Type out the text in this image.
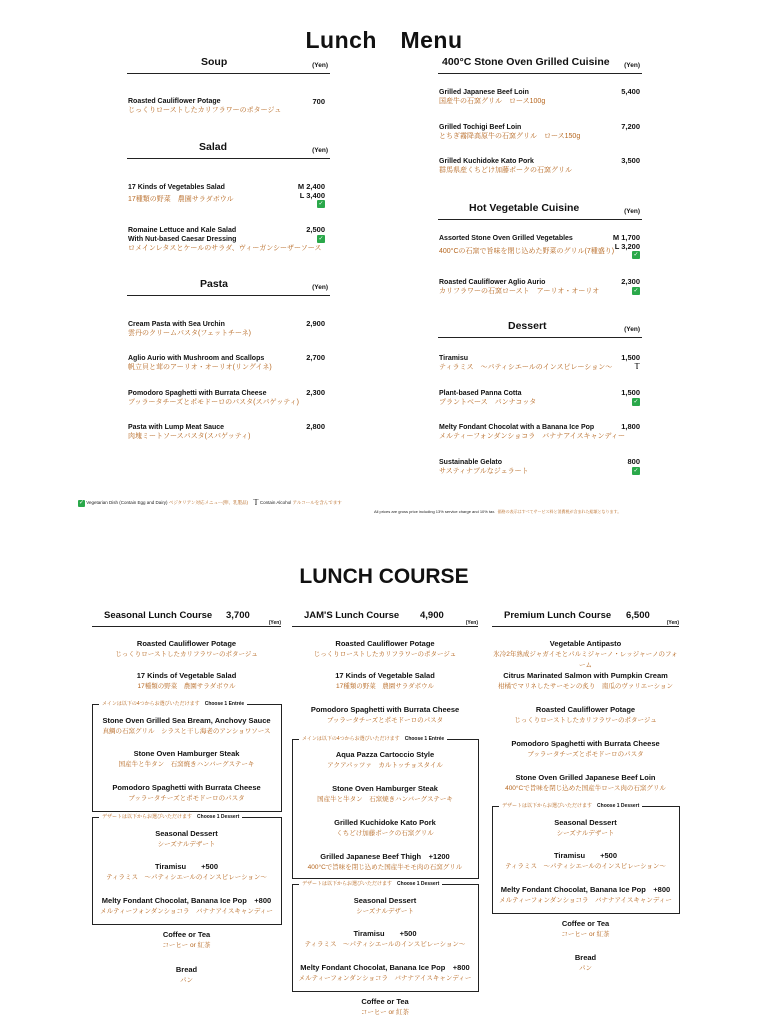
Lunch　Menu
Soup	(Yen)
Roasted Cauliflower Potage
じっくりローストしたカリフラワーのポタージュ
700
Salad	(Yen)
17 Kinds of Vegetables Salad
17種類の野菜　農園サラダボウル
M 2,400
L 3,400
✓
Romaine Lettuce and Kale Salad
With Nut-based Caesar Dressing
ロメインレタスとケールのサラダ、ヴィーガンシーザーソース
2,500
✓
Pasta	(Yen)
Cream Pasta with Sea Urchin
雲丹のクリームパスタ(フェットチーネ)
2,900
Aglio Aurio with Mushroom and Scallops
帆立貝と茸のアーリオ・オーリオ(リングイネ)
2,700
Pomodoro Spaghetti with Burrata Cheese
ブッラータチーズとポモドーロのパスタ(スパゲッティ)
2,300
Pasta with Lump Meat Sauce
肉塊ミートソースパスタ(スパゲッティ)
2,800
400°C Stone Oven Grilled Cuisine (Yen)
Grilled Japanese Beef Loin
国産牛の石窯グリル　ロース100g
5,400
Grilled Tochigi Beef Loin
とちぎ霧降高原牛の石窯グリル　ロース150g
7,200
Grilled Kuchidoke Kato Pork
群馬県産くちどけ加藤ポークの石窯グリル
3,500
Hot Vegetable Cuisine	(Yen)
Assorted Stone Oven Grilled Vegetables
400°Cの石窯で旨味を閉じ込めた野菜のグリル(7種盛り)
M 1,700
L 3,200
✓
Roasted Cauliflower Aglio Aurio
カリフラワーの石窯ロースト　アーリオ・オーリオ
2,300
✓
Dessert	(Yen)
Tiramisu
ティラミス　～パティシエールのインスピレーション～
1,500
𝕋
Plant-based Panna Cotta
プラントベース　パンナコッタ
1,500
✓
Melty Fondant Chocolat with a Banana Ice Pop
メルティーフォンダンショコラ　バナナアイスキャンディー
1,800
Sustainable Gelato
サスティナブルなジェラート
800
✓
✓ Vegetarian Dish (Contain Egg and Dairy) ベジタリアン対応メニュー(卵、乳製品) 𝕋 Contain Alcohol アルコールを含んでます
All prices are gross price including 13% service charge and 10% tax. 価格の表示はすべてサービス料と消費税が含まれた総額となります。
LUNCH COURSE
Seasonal Lunch Course 3,700
(Yen)
Roasted Cauliflower Potage
じっくりローストしたカリフラワーのポタージュ
17 Kinds of Vegetable Salad
17種類の野菜　農園サラダボウル
メインは以下の4つからお選びいただけます　 Choose 1 Entrée
Stone Oven Grilled Sea Bream, Anchovy Sauce
真鯛の石窯グリル　シラスと干し海老のアンショワソース
Stone Oven Hamburger Steak
国産牛と牛タン　石窯焼きハンバーグステーキ
Pomodoro Spaghetti with Burrata Cheese
ブッラータチーズとポモドーロのパスタ
デザートは以下からお選びいただけます　 Choose 1 Dessert
Seasonal Dessert
シーズナルデザート
Tiramisu　　+500
ティラミス　～パティシエールのインスピレーション～
Melty Fondant Chocolat, Banana Ice Pop　+800
メルティーフォンダンショコラ　バナナアイスキャンディー
Coffee or Tea
コーヒー or 紅茶
Bread
パン
JAM'S Lunch Course 4,900
(Yen)
Roasted Cauliflower Potage
じっくりローストしたカリフラワーのポタージュ
17 Kinds of Vegetable Salad
17種類の野菜　農園サラダボウル
Pomodoro Spaghetti with Burrata Cheese
ブッラータチーズとポモドーロのパスタ
メインは以下の4つからお選びいただけます　 Choose 1 Entrée
Aqua Pazza Cartoccio Style
アクアパッツァ　カルトッチョスタイル
Stone Oven Hamburger Steak
国産牛と牛タン　石窯焼きハンバーグステーキ
Grilled Kuchidoke Kato Pork
くちどけ加藤ポークの石窯グリル
Grilled Japanese Beef Thigh　+1200
400°Cで旨味を閉じ込めた国産牛モモ肉の石窯グリル
デザートは以下からお選びいただけます　 Choose 1 Dessert
Seasonal Dessert
シーズナルデザート
Tiramisu　　+500
ティラミス　～パティシエールのインスピレーション～
Melty Fondant Chocolat, Banana Ice Pop　+800
メルティーフォンダンショコラ　バナナアイスキャンディー
Coffee or Tea
コーヒー or 紅茶
Premium Lunch Course 6,500
(Yen)
Vegetable Antipasto
氷冷2年熟成ジャガイモとパルミジャーノ・レッジャーノのフォーム
Citrus Marinated Salmon with Pumpkin Cream
柑橘でマリネしたサーモンの炙り　南瓜のヴァリエーション
Roasted Cauliflower Potage
じっくりローストしたカリフラワーのポタージュ
Pomodoro Spaghetti with Burrata Cheese
ブッラータチーズとポモドーロのパスタ
Stone Oven Grilled Japanese Beef Loin
400°Cで旨味を閉じ込めた国産牛ロース肉の石窯グリル
デザートは以下からお選びいただけます　 Choose 1 Dessert
Seasonal Dessert
シーズナルデザート
Tiramisu　　+500
ティラミス　～パティシエールのインスピレーション～
Melty Fondant Chocolat, Banana Ice Pop　+800
メルティーフォンダンショコラ　バナナアイスキャンディー
Coffee or Tea
コーヒー or 紅茶
Bread
パン
